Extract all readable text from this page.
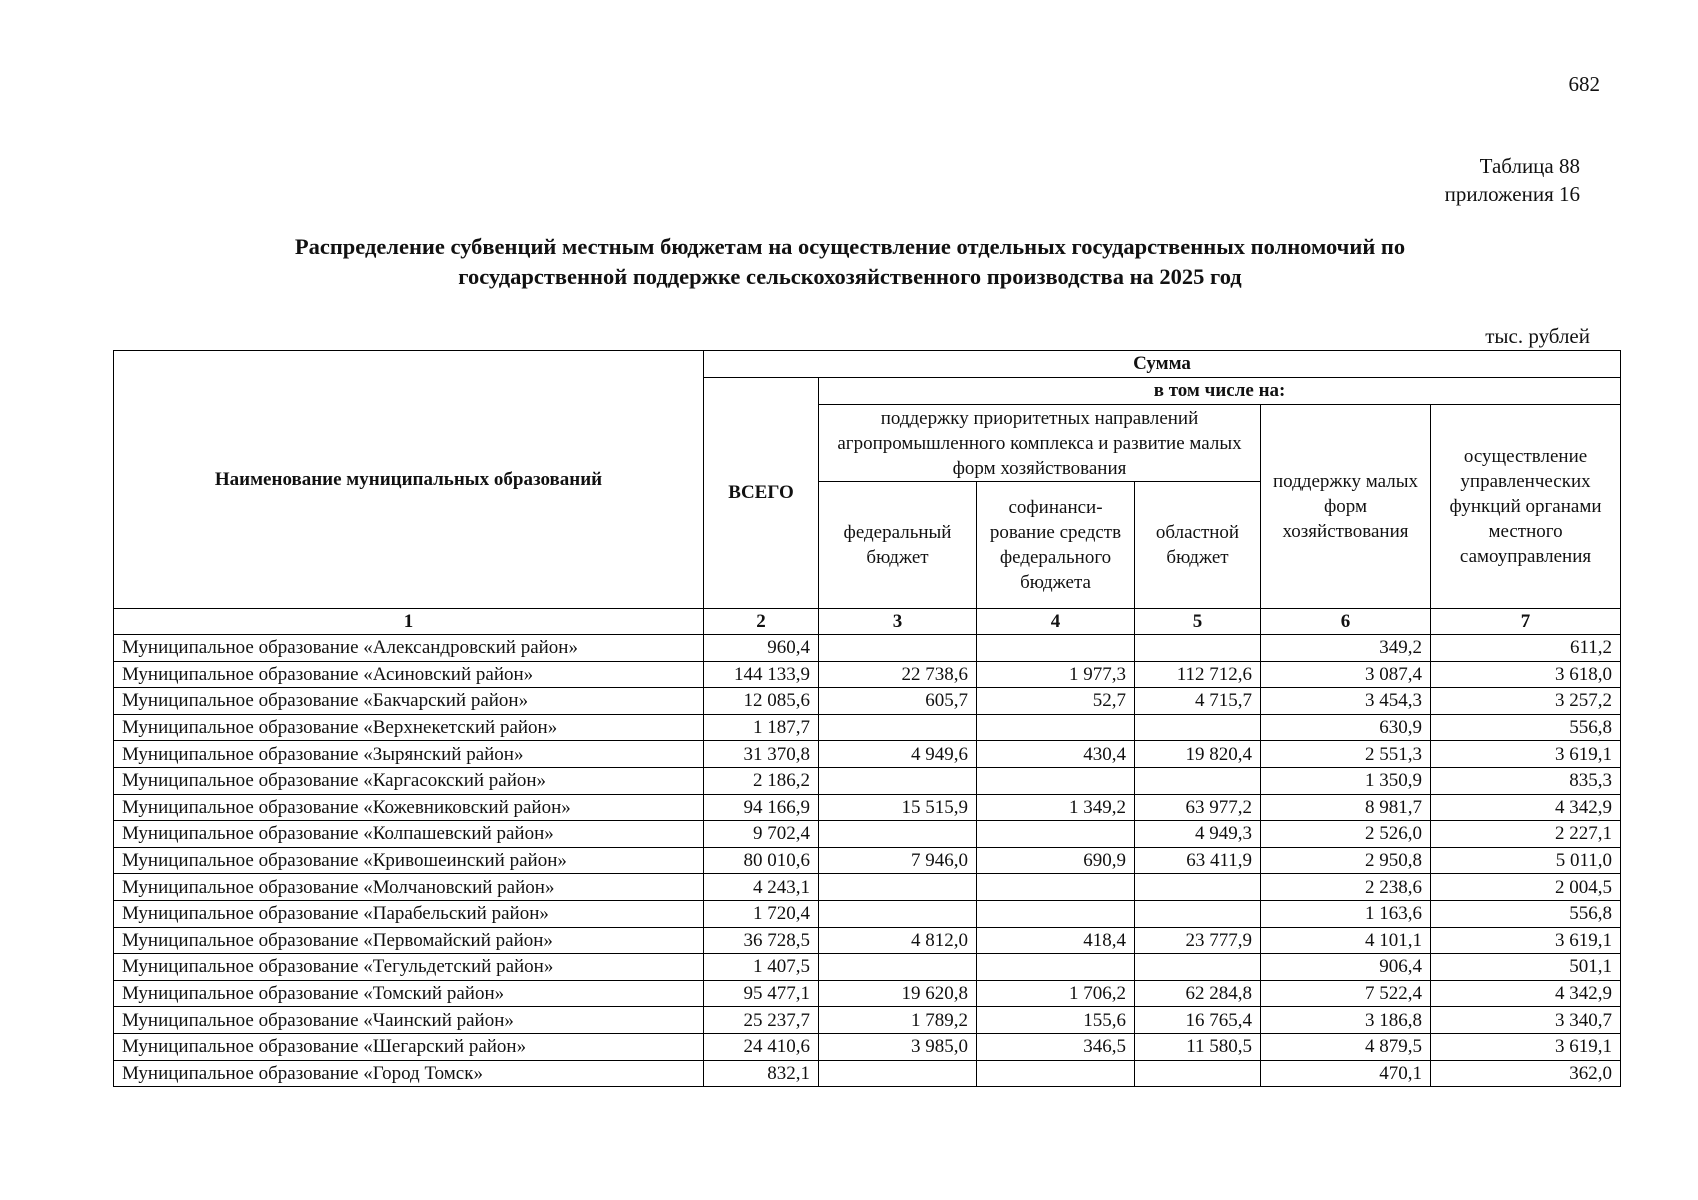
682
Таблица 88
приложения 16
Распределение субвенций местным бюджетам на осуществление отдельных государственных полномочий по
государственной поддержке сельскохозяйственного производства на 2025 год
тыс. рублей
Наименование муниципальных образований	Сумма					
	ВСЕГО	в том числе на:				
		поддержку приоритетных направлений агропромышленного комплекса и развитие малых форм хозяйствования			поддержку малых форм хозяйствования	осуществление управленческих функций органами местного самоуправления
		федеральный бюджет	софинанси-рование средств федерального бюджета	областной бюджет		
1	2	3	4	5	6	7
Муниципальное образование «Александровский район»	960,4				349,2	611,2
Муниципальное образование «Асиновский район»	144 133,9	22 738,6	1 977,3	112 712,6	3 087,4	3 618,0
Муниципальное образование «Бакчарский район»	12 085,6	605,7	52,7	4 715,7	3 454,3	3 257,2
Муниципальное образование «Верхнекетский район»	1 187,7				630,9	556,8
Муниципальное образование «Зырянский район»	31 370,8	4 949,6	430,4	19 820,4	2 551,3	3 619,1
Муниципальное образование «Каргасокский район»	2 186,2				1 350,9	835,3
Муниципальное образование «Кожевниковский район»	94 166,9	15 515,9	1 349,2	63 977,2	8 981,7	4 342,9
Муниципальное образование «Колпашевский район»	9 702,4			4 949,3	2 526,0	2 227,1
Муниципальное образование «Кривошеинский район»	80 010,6	7 946,0	690,9	63 411,9	2 950,8	5 011,0
Муниципальное образование «Молчановский район»	4 243,1				2 238,6	2 004,5
Муниципальное образование «Парабельский район»	1 720,4				1 163,6	556,8
Муниципальное образование «Первомайский район»	36 728,5	4 812,0	418,4	23 777,9	4 101,1	3 619,1
Муниципальное образование «Тегульдетский район»	1 407,5				906,4	501,1
Муниципальное образование «Томский район»	95 477,1	19 620,8	1 706,2	62 284,8	7 522,4	4 342,9
Муниципальное образование «Чаинский район»	25 237,7	1 789,2	155,6	16 765,4	3 186,8	3 340,7
Муниципальное образование «Шегарский район»	24 410,6	3 985,0	346,5	11 580,5	4 879,5	3 619,1
Муниципальное образование «Город Томск»	832,1				470,1	362,0
